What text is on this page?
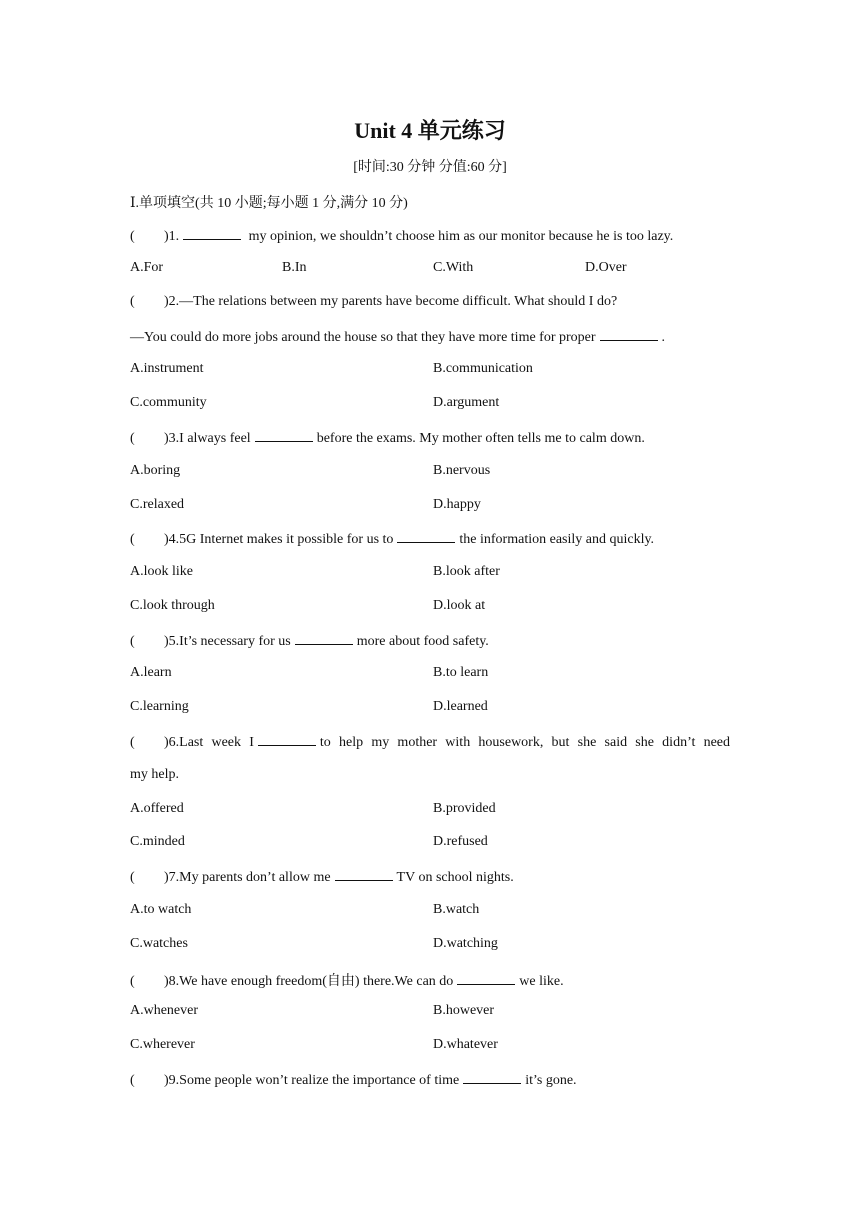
Unit 4 单元练习
[时间:30 分钟 分值:60 分]
Ⅰ.单项填空(共 10 小题;每小题 1 分,满分 10 分)
( )1.	my opinion, we shouldn’t choose him as our monitor because he is too lazy.
A.For	B.In	C.With	D.Over
( )2.—The relations between my parents have become difficult. What should I do?
—You could do more jobs around the house so that they have more time for proper	.
A.instrument	B.communication
C.community	D.argument
( )3.I always feel	before the exams. My mother often tells me to calm down.
A.boring	B.nervous
C.relaxed	D.happy
( )4.5G Internet makes it possible for us to	the information easily and quickly.
A.look like	B.look after
C.look through	D.look at
( )5.It’s necessary for us	more about food safety.
A.learn	B.to learn
C.learning	D.learned
( )6.Last week I	to help my mother with housework, but she said she didn’t need
my help.
A.offered	B.provided
C.minded	D.refused
( )7.My parents don’t allow me	TV on school nights.
A.to watch	B.watch
C.watches	D.watching
( )8.We have enough freedom(自由) there.We can do	we like.
A.whenever	B.however
C.wherever	D.whatever
( )9.Some people won’t realize the importance of time	it’s gone.
